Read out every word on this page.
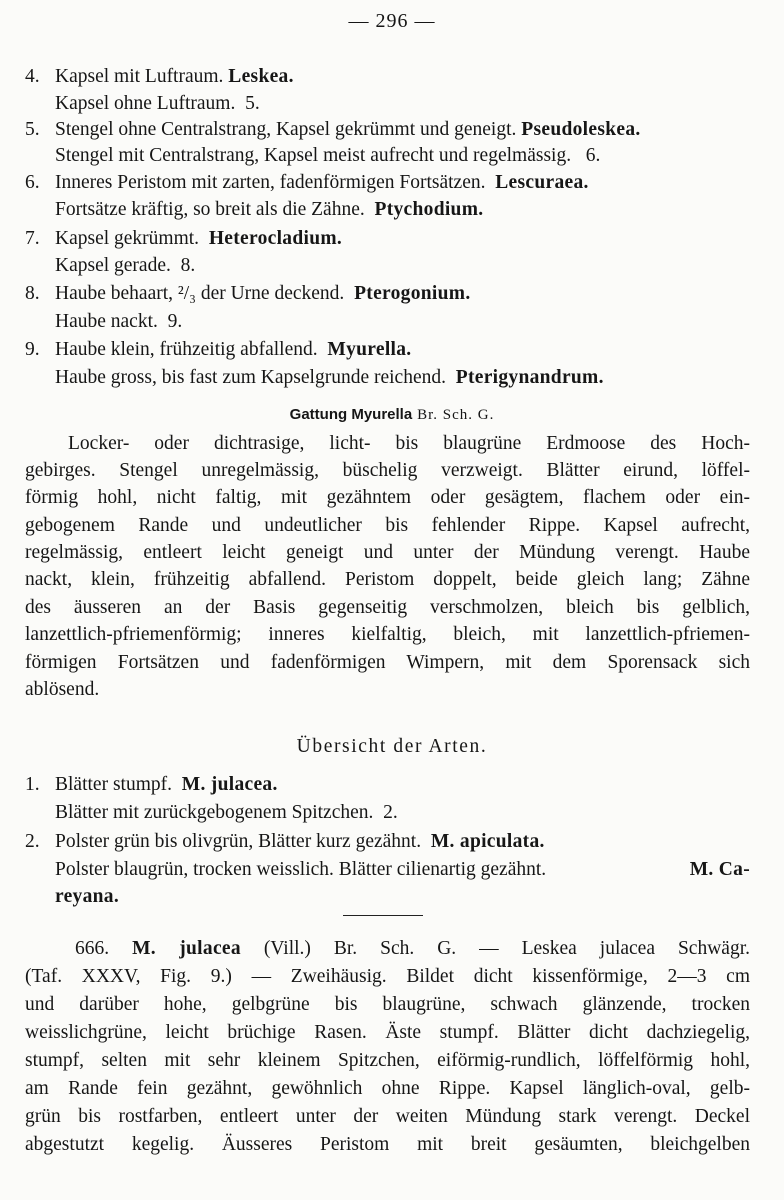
— 296 —
4. Kapsel mit Luftraum. Leskea.
Kapsel ohne Luftraum. 5.
5. Stengel ohne Centralstrang, Kapsel gekrümmt und geneigt. Pseudoleskea.
Stengel mit Centralstrang, Kapsel meist aufrecht und regelmässig. 6.
6. Inneres Peristom mit zarten, fadenförmigen Fortsätzen. Lescuraea.
Fortsätze kräftig, so breit als die Zähne. Ptychodium.
7. Kapsel gekrümmt. Heterocladium.
Kapsel gerade. 8.
8. Haube behaart, ²/₃ der Urne deckend. Pterogonium.
Haube nackt. 9.
9. Haube klein, frühzeitig abfallend. Myurella.
Haube gross, bis fast zum Kapselgrunde reichend. Pterigynandrum.
Gattung Myurella Br. Sch. G.
Locker- oder dichtrasige, licht- bis blaugrüne Erdmoose des Hoch-
gebirges. Stengel unregelmässig, büschelig verzweigt. Blätter eirund, löffel-
förmig hohl, nicht faltig, mit gezähntem oder gesägtem, flachem oder ein-
gebogenem Rande und undeutlicher bis fehlender Rippe. Kapsel aufrecht,
regelmässig, entleert leicht geneigt und unter der Mündung verengt. Haube
nackt, klein, frühzeitig abfallend. Peristom doppelt, beide gleich lang; Zähne
des äusseren an der Basis gegenseitig verschmolzen, bleich bis gelblich,
lanzettlich-pfriemenförmig; inneres kielfaltig, bleich, mit lanzettlich-pfriemen-
förmigen Fortsätzen und fadenförmigen Wimpern, mit dem Sporensack sich
ablösend.
Übersicht der Arten.
1. Blätter stumpf. M. julacea.
Blätter mit zurückgebogenem Spitzchen. 2.
2. Polster grün bis olivgrün, Blätter kurz gezähnt. M. apiculata.
Polster blaugrün, trocken weisslich. Blätter cilienartig gezähnt.	M. Ca-
reyana.
666. M. julacea (Vill.) Br. Sch. G. — Leskea julacea Schwägr.
(Taf. XXXV, Fig. 9.) — Zweihäusig. Bildet dicht kissenförmige, 2—3 cm
und darüber hohe, gelbgrüne bis blaugrüne, schwach glänzende, trocken
weisslichgrüne, leicht brüchige Rasen. Äste stumpf. Blätter dicht dachziegelig,
stumpf, selten mit sehr kleinem Spitzchen, eiförmig-rundlich, löffelförmig hohl,
am Rande fein gezähnt, gewöhnlich ohne Rippe. Kapsel länglich-oval, gelb-
grün bis rostfarben, entleert unter der weiten Mündung stark verengt. Deckel
abgestutzt kegelig. Äusseres Peristom mit breit gesäumten, bleichgelben
